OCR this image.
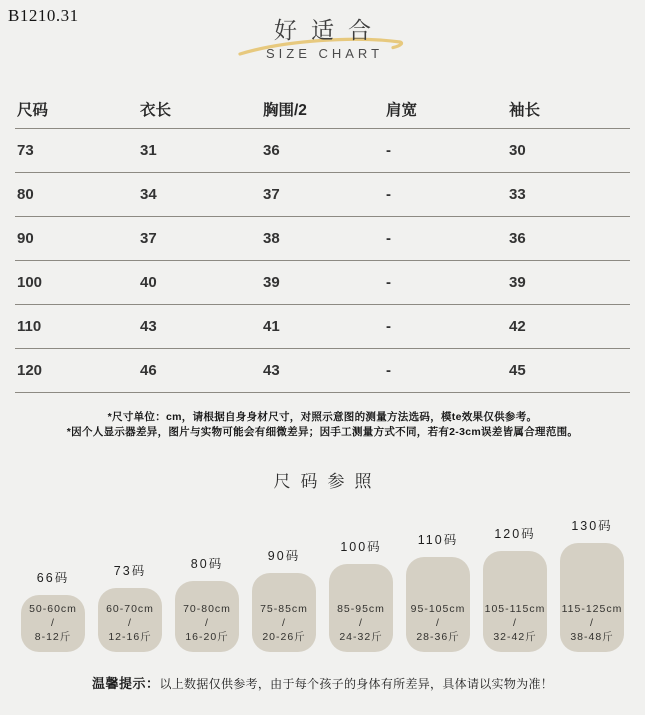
B1210.31
好适合
SIZE CHART
尺码	衣长	胸围/2	肩宽	袖长
73	31	36	-	30
80	34	37	-	33
90	37	38	-	36
100	40	39	-	39
110	43	41	-	42
120	46	43	-	45
*尺寸单位：cm，请根据自身身材尺寸，对照示意图的测量方法选码，模te效果仅供参考。
*因个人显示器差异，图片与实物可能会有细微差异；因手工测量方式不同，若有2-3cm误差皆属合理范围。
尺码参照
66码
50-60cm
/
8-12斤
73码
60-70cm
/
12-16斤
80码
70-80cm
/
16-20斤
90码
75-85cm
/
20-26斤
100码
85-95cm
/
24-32斤
110码
95-105cm
/
28-36斤
120码
105-115cm
/
32-42斤
130码
115-125cm
/
38-48斤
温馨提示：以上数据仅供参考，由于每个孩子的身体有所差异，具体请以实物为准！
